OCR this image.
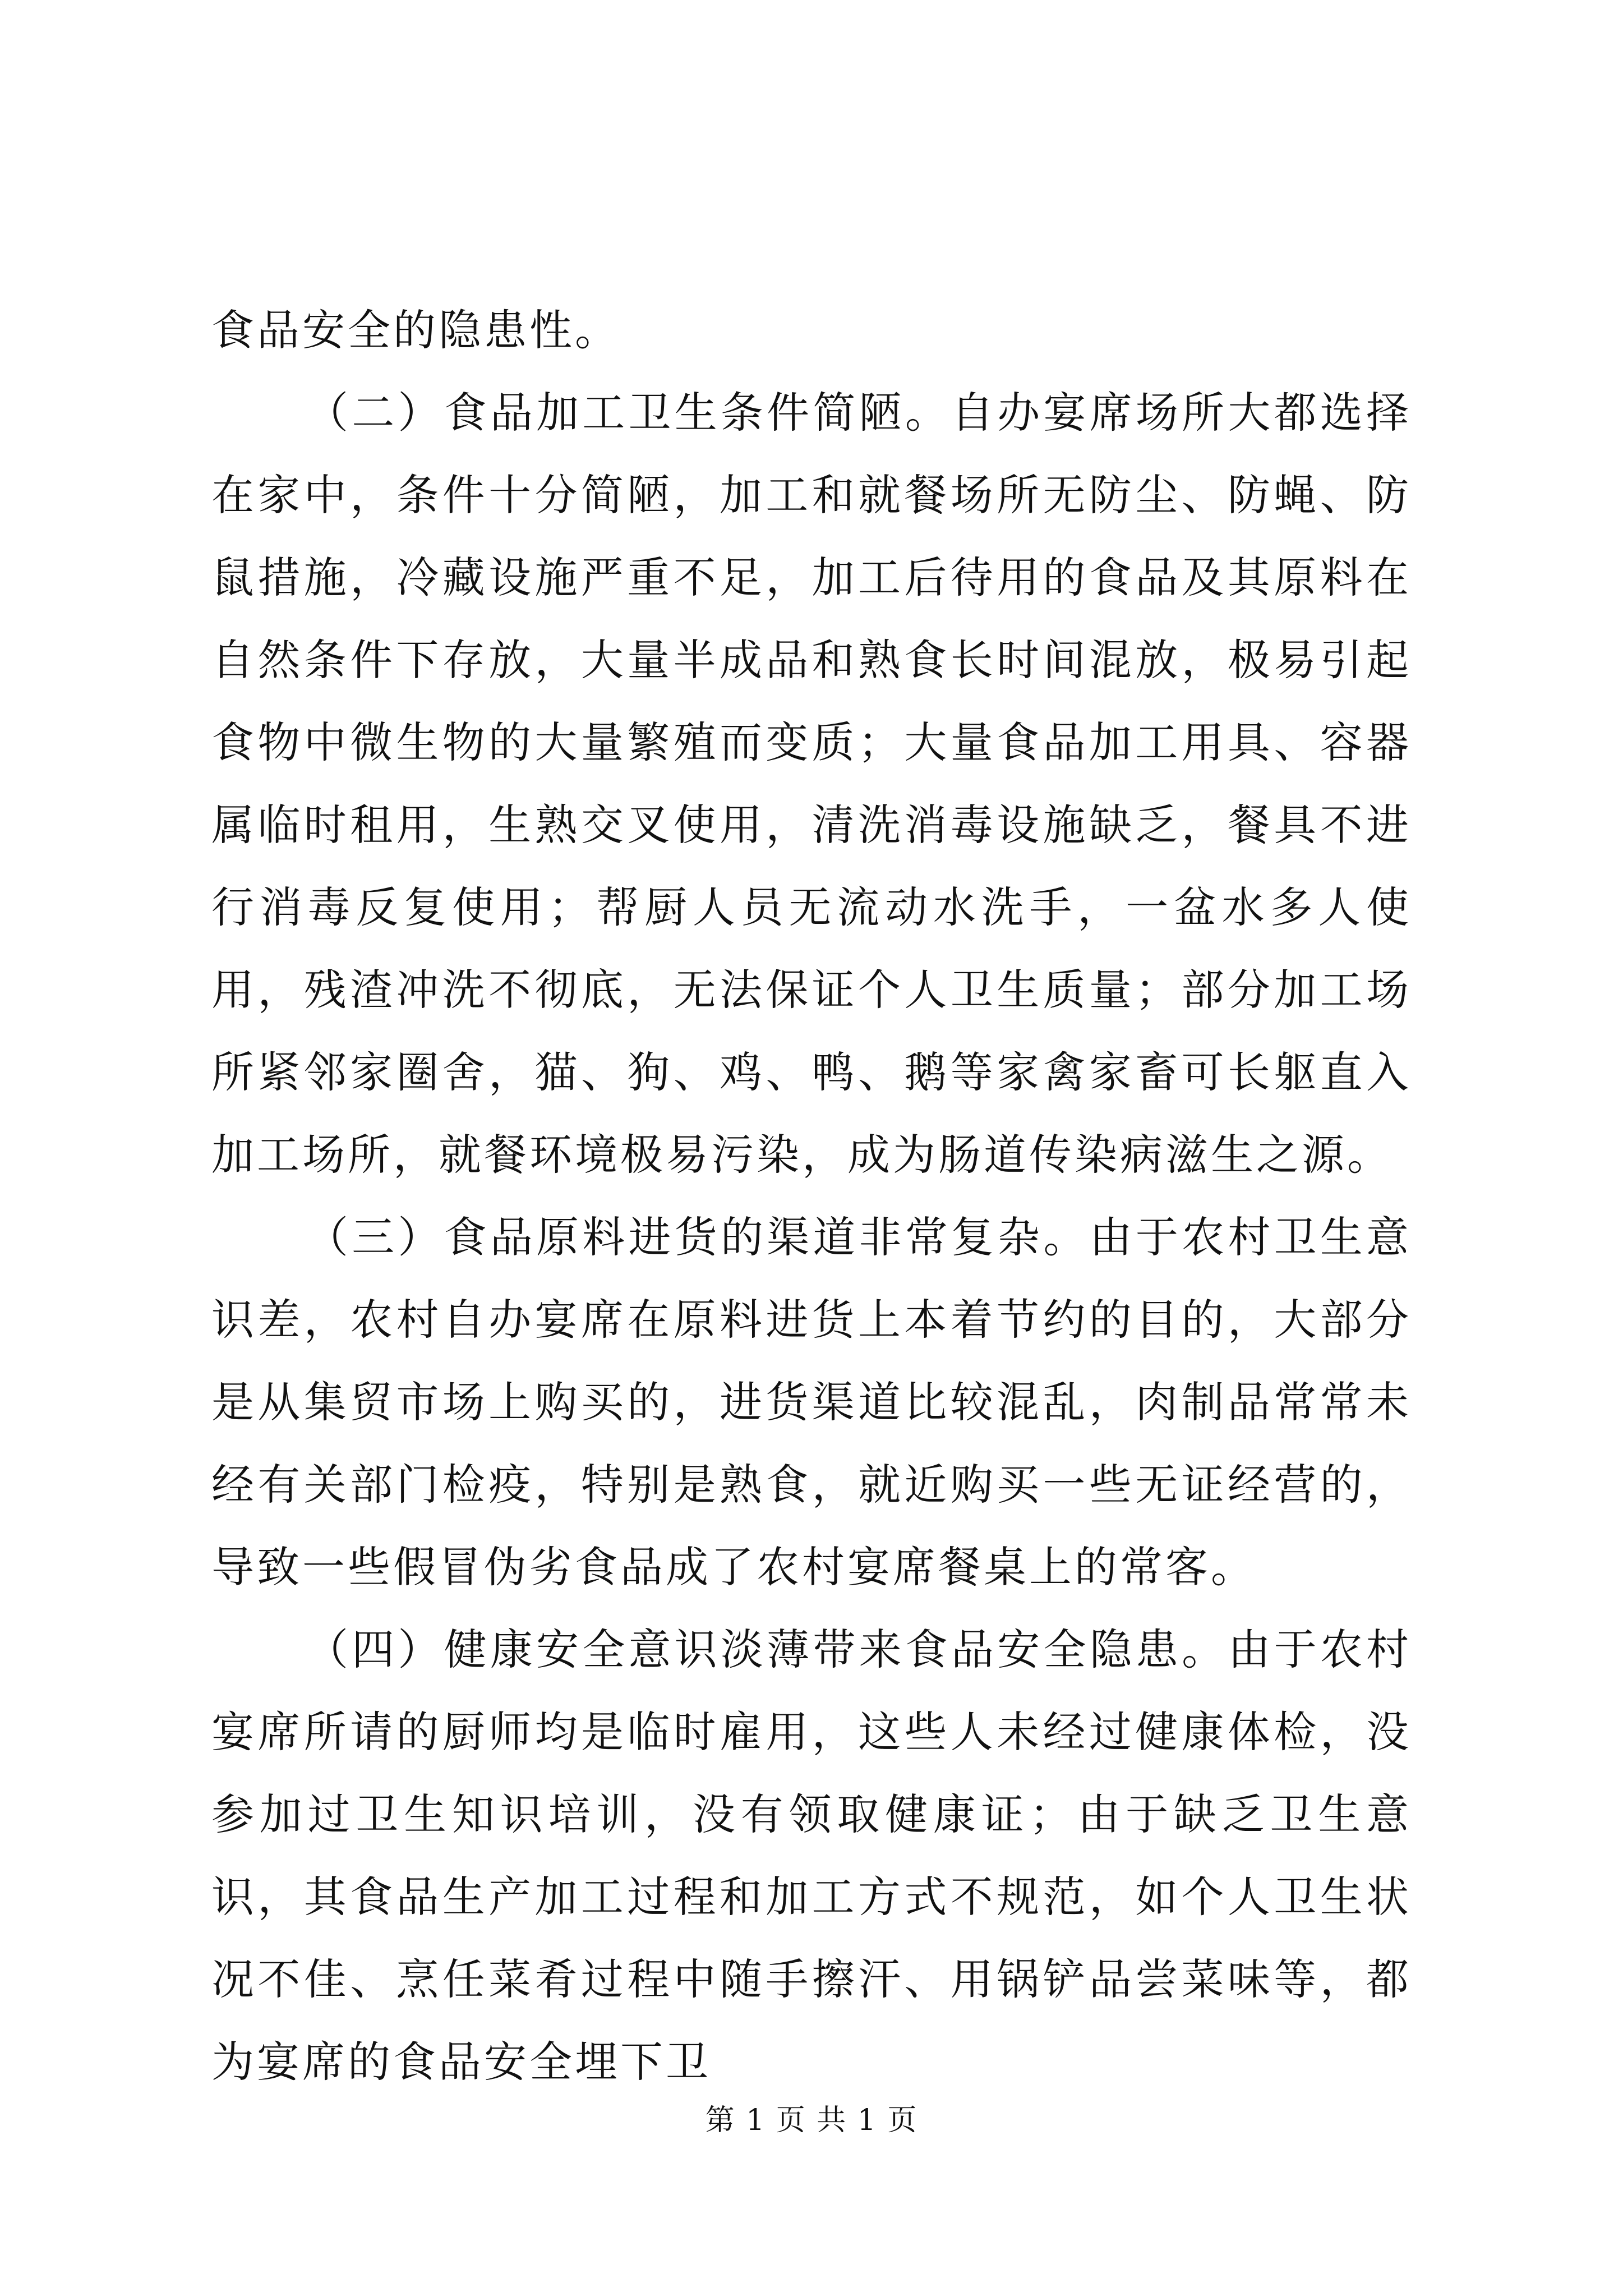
食品安全的隐患性。

（二）食品加工卫生条件简陋。自办宴席场所大都选择在家中，条件十分简陋，加工和就餐场所无防尘、防蝇、防鼠措施，冷藏设施严重不足，加工后待用的食品及其原料在自然条件下存放，大量半成品和熟食长时间混放，极易引起食物中微生物的大量繁殖而变质；大量食品加工用具、容器属临时租用，生熟交叉使用，清洗消毒设施缺乏，餐具不进行消毒反复使用；帮厨人员无流动水洗手，一盆水多人使用，残渣冲洗不彻底，无法保证个人卫生质量；部分加工场所紧邻家圈舍，猫、狗、鸡、鸭、鹅等家禽家畜可长躯直入加工场所，就餐环境极易污染，成为肠道传染病滋生之源。

（三）食品原料进货的渠道非常复杂。由于农村卫生意识差，农村自办宴席在原料进货上本着节约的目的，大部分是从集贸市场上购买的，进货渠道比较混乱，肉制品常常未经有关部门检疫，特别是熟食，就近购买一些无证经营的，导致一些假冒伪劣食品成了农村宴席餐桌上的常客。

（四）健康安全意识淡薄带来食品安全隐患。由于农村宴席所请的厨师均是临时雇用，这些人未经过健康体检，没参加过卫生知识培训，没有领取健康证；由于缺乏卫生意识，其食品生产加工过程和加工方式不规范，如个人卫生状况不佳、烹任菜肴过程中随手擦汗、用锅铲品尝菜味等，都为宴席的食品安全埋下卫

第 1 页 共 1 页
